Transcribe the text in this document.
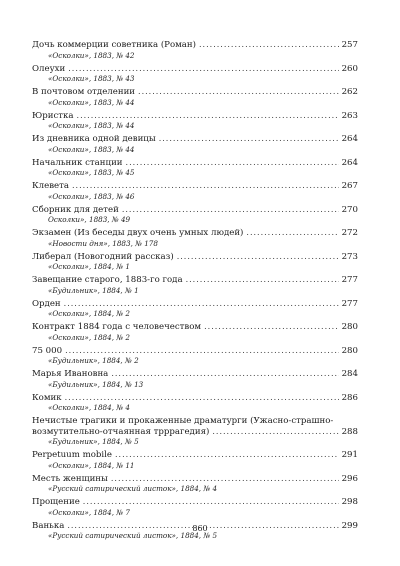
Дочь коммерции советника (Роман) .....	257
«Осколки», 1883, № 42
Олеухи .....	260
«Осколки», 1883, № 43
В почтовом отделении .....	262
«Осколки», 1883, № 44
Юристка .....	263
«Осколки», 1883, № 44
Из дневника одной девицы .....	264
«Осколки», 1883, № 44
Начальник станции .....	264
«Осколки», 1883, № 45
Клевета .....	267
«Осколки», 1883, № 46
Сборник для детей .....	270
Осколки», 1883, № 49
Экзамен (Из беседы двух очень умных людей) .....	272
«Новости дня», 1883, № 178
Либерал (Новогодний рассказ) .....	273
«Осколки», 1884, № 1
Завещание старого, 1883-го года .....	277
«Будильник», 1884, № 1
Орден .....	277
«Осколки», 1884, № 2
Контракт 1884 года с человечеством .....	280
«Осколки», 1884, № 2
75 000 .....	280
«Будильник», 1884, № 2
Марья Ивановна .....	284
«Будильник», 1884, № 13
Комик .....	286
«Осколки», 1884, № 4
Нечистые трагики и прокаженные драматурги (Ужасно-страшно-
возмутительно-отчаянная трррагедия) .....	288
«Будильник», 1884, № 5
Perpetuum mobile .....	291
«Осколки», 1884, № 11
Месть женщины .....	296
«Русский сатирический листок», 1884, № 4
Прощение .....	298
«Осколки», 1884, № 7
Ванька .....	299
«Русский сатирический листок», 1884, № 5
860
